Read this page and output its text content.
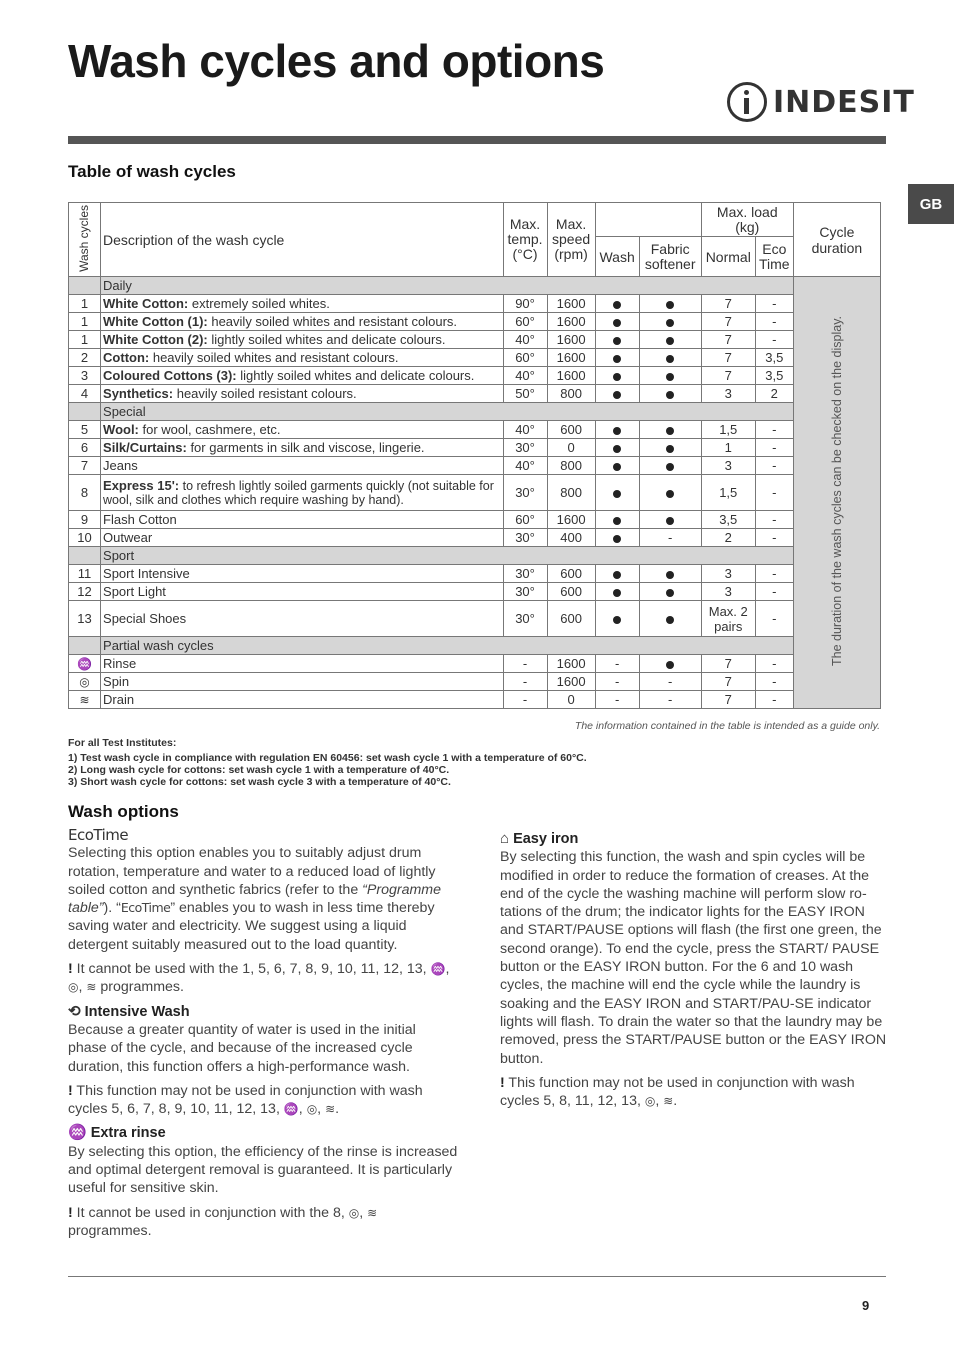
Wash cycles and options
INDESIT
GB
Table of wash cycles
Wash cycles	Description of the wash cycle	Max. temp. (°C)	Max. speed (rpm)			Max. load (kg)		Cycle duration
				Wash	Fabric softener	Normal	Eco Time	
	Daily							The duration of the wash cycles can be checked on the display.
1	White Cotton: extremely soiled whites.	90°	1600			7	-	
1	White Cotton (1): heavily soiled whites and resistant colours.	60°	1600			7	-	
1	White Cotton (2): lightly soiled whites and delicate colours.	40°	1600			7	-	
2	Cotton: heavily soiled whites and resistant colours.	60°	1600			7	3,5	
3	Coloured Cottons (3): lightly soiled whites and delicate colours.	40°	1600			7	3,5	
4	Synthetics: heavily soiled resistant colours.	50°	800			3	2	
	Special							
5	Wool: for wool, cashmere, etc.	40°	600			1,5	-	
6	Silk/Curtains: for garments in silk and viscose, lingerie.	30°	0			1	-	
7	Jeans	40°	800			3	-	
8	Express 15': to refresh lightly soiled garments quickly (not suitable for wool, silk and clothes which require washing by hand).	30°	800			1,5	-	
9	Flash Cotton	60°	1600			3,5	-	
10	Outwear	30°	400		-	2	-	
	Sport							
11	Sport Intensive	30°	600			3	-	
12	Sport Light	30°	600			3	-	
13	Special Shoes	30°	600			Max. 2 pairs	-	
	Partial wash cycles							
♒	Rinse	-	1600	-		7	-	
◎	Spin	-	1600	-	-	7	-	
≋	Drain	-	0	-	-	7	-	
The information contained in the table is intended as a guide only.
For all Test Institutes:
1) Test wash cycle in compliance with regulation EN 60456: set wash cycle 1 with a temperature of 60°C.
2) Long wash cycle for cottons: set wash cycle 1 with a temperature of 40°C.
3) Short wash cycle for cottons: set wash cycle 3 with a temperature of 40°C.
Wash options
EcoTime

Selecting this option enables you to suitably adjust drum rotation, temperature and water to a reduced load of lightly soiled cotton and synthetic fabrics (refer to the “Programme table”). “EcoTime” enables you to wash in less time thereby saving water and electricity. We suggest using a liquid detergent suitably measured out to the load quantity.

! It cannot be used with the 1, 5, 6, 7, 8, 9, 10, 11, 12, 13, ♒, ◎, ≋ programmes.

⟲ Intensive Wash

Because a greater quantity of water is used in the initial phase of the cycle, and because of the increased cycle duration, this function offers a high-performance wash.

! This function may not be used in conjunction with wash cycles 5, 6, 7, 8, 9, 10, 11, 12, 13, ♒, ◎, ≋.

♒ Extra rinse

By selecting this option, the efficiency of the rinse is increased and optimal detergent removal is guaranteed. It is particularly useful for sensitive skin.

! It cannot be used in conjunction with the 8, ◎, ≋ programmes.

⌂ Easy iron

By selecting this function, the wash and spin cycles will be modified in order to reduce the formation of creases. At the end of the cycle the washing machine will perform slow ro-tations of the drum; the indicator lights for the EASY IRON and START/PAUSE options will flash (the first one green, the second orange). To end the cycle, press the START/ PAUSE button or the EASY IRON button. For the 6 and 10 wash cycles, the machine will end the cycle while the laundry is soaking and the EASY IRON and START/PAU-SE indicator lights will flash. To drain the water so that the laundry may be removed, press the START/PAUSE button or the EASY IRON button.

! This function may not be used in conjunction with wash cycles 5, 8, 11, 12, 13, ◎, ≋.

9
